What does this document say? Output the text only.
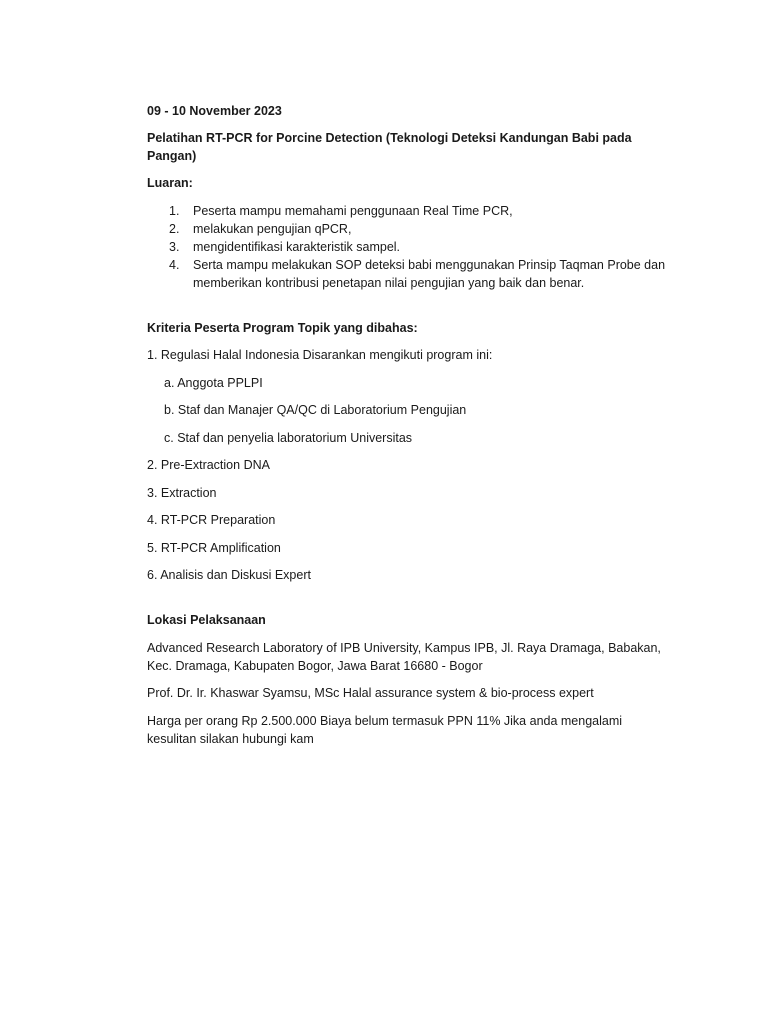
09 - 10 November 2023

Pelatihan RT-PCR for Porcine Detection (Teknologi Deteksi Kandungan Babi pada Pangan)

Luaran:

1. Peserta mampu memahami penggunaan Real Time PCR,
2. melakukan pengujian qPCR,
3. mengidentifikasi karakteristik sampel.
4. Serta mampu melakukan SOP deteksi babi menggunakan Prinsip Taqman Probe dan memberikan kontribusi penetapan nilai pengujian yang baik dan benar.

Kriteria Peserta Program Topik yang dibahas:

1. Regulasi Halal Indonesia Disarankan mengikuti program ini:

a. Anggota PPLPI

b. Staf dan Manajer QA/QC di Laboratorium Pengujian

c. Staf dan penyelia laboratorium Universitas

2. Pre-Extraction DNA

3. Extraction

4. RT-PCR Preparation

5. RT-PCR Amplification

6. Analisis dan Diskusi Expert

Lokasi Pelaksanaan

Advanced Research Laboratory of IPB University, Kampus IPB, Jl. Raya Dramaga, Babakan, Kec. Dramaga, Kabupaten Bogor, Jawa Barat 16680 - Bogor

Prof. Dr. Ir. Khaswar Syamsu, MSc Halal assurance system & bio-process expert

Harga per orang Rp 2.500.000 Biaya belum termasuk PPN 11% Jika anda mengalami kesulitan silakan hubungi kam
